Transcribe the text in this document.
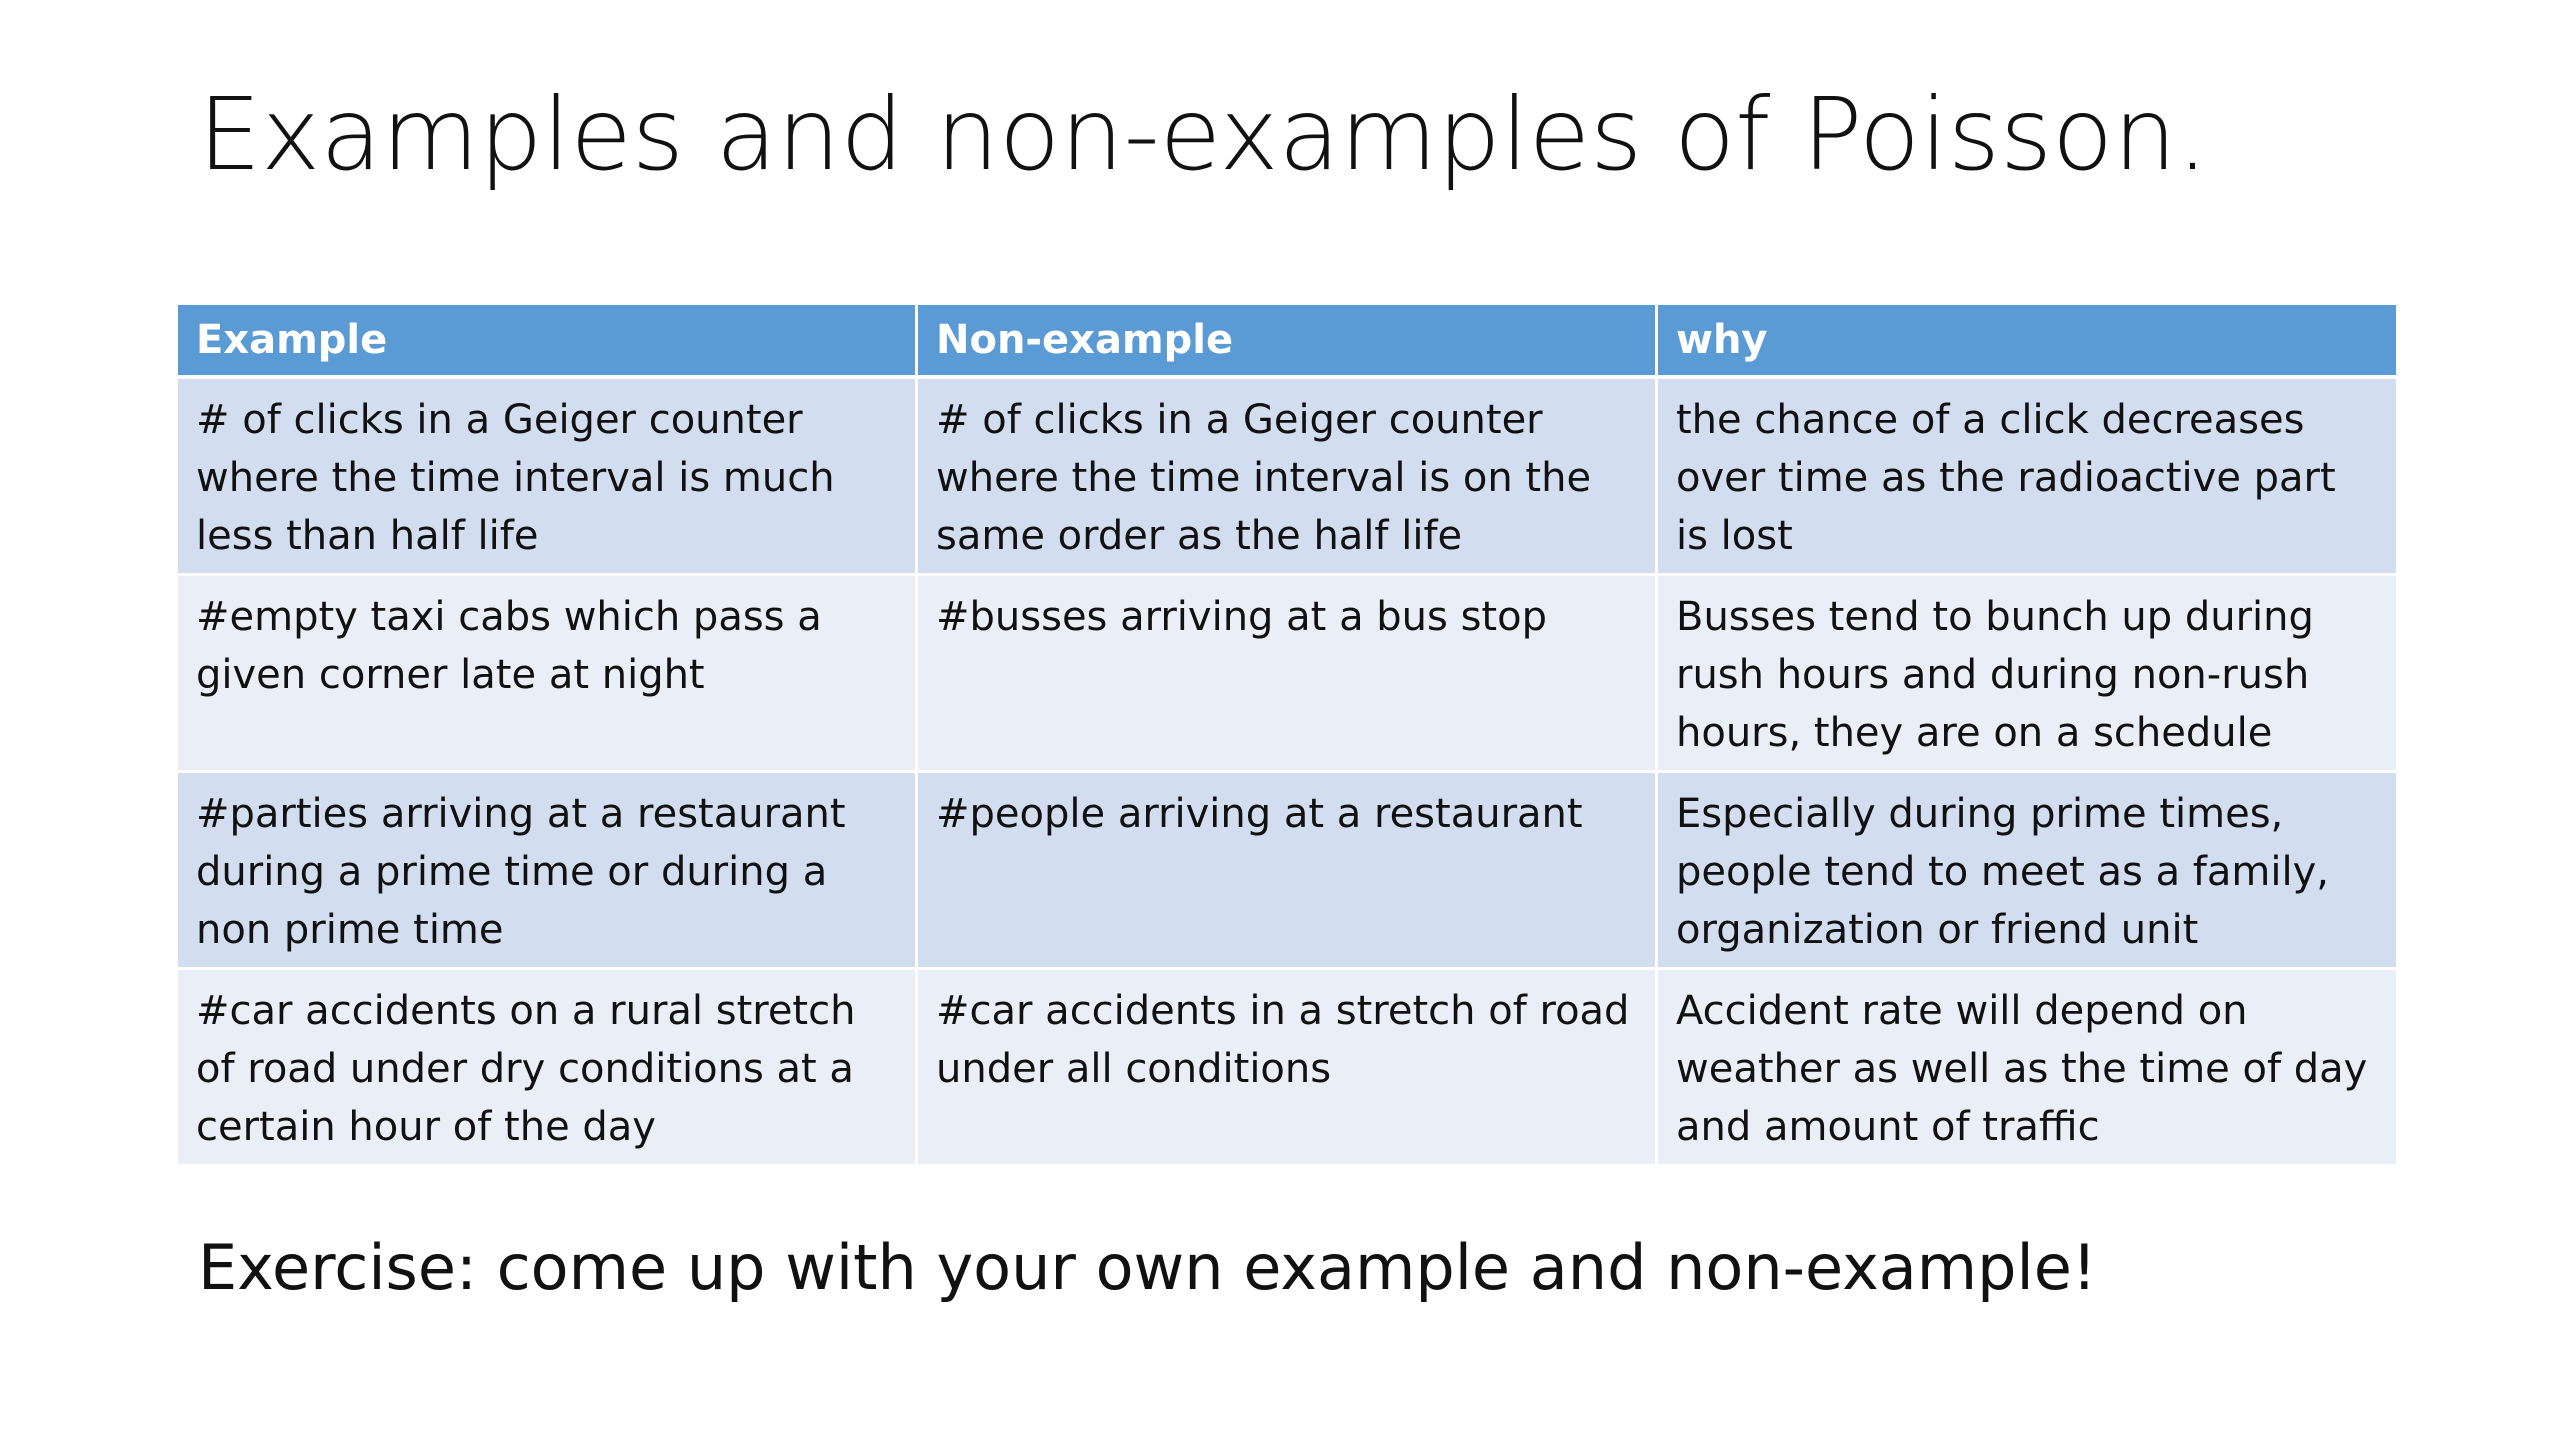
Examples and non-examples of Poisson.
Example	Non-example	why
# of clicks in a Geiger counter where the time interval is much less than half life	# of clicks in a Geiger counter where the time interval is on the same order as the half life	the chance of a click decreases over time as the radioactive part is lost
#empty taxi cabs which pass a given corner late at night	#busses arriving at a bus stop	Busses tend to bunch up during rush hours and during non-rush hours, they are on a schedule
#parties arriving at a restaurant during a prime time or during a non prime time	#people arriving at a restaurant	Especially during prime times, people tend to meet as a family, organization or friend unit
#car accidents on a rural stretch of road under dry conditions at a certain hour of the day	#car accidents in a stretch of road under all conditions	Accident rate will depend on weather as well as the time of day and amount of traffic

Exercise: come up with your own example and non-example!
